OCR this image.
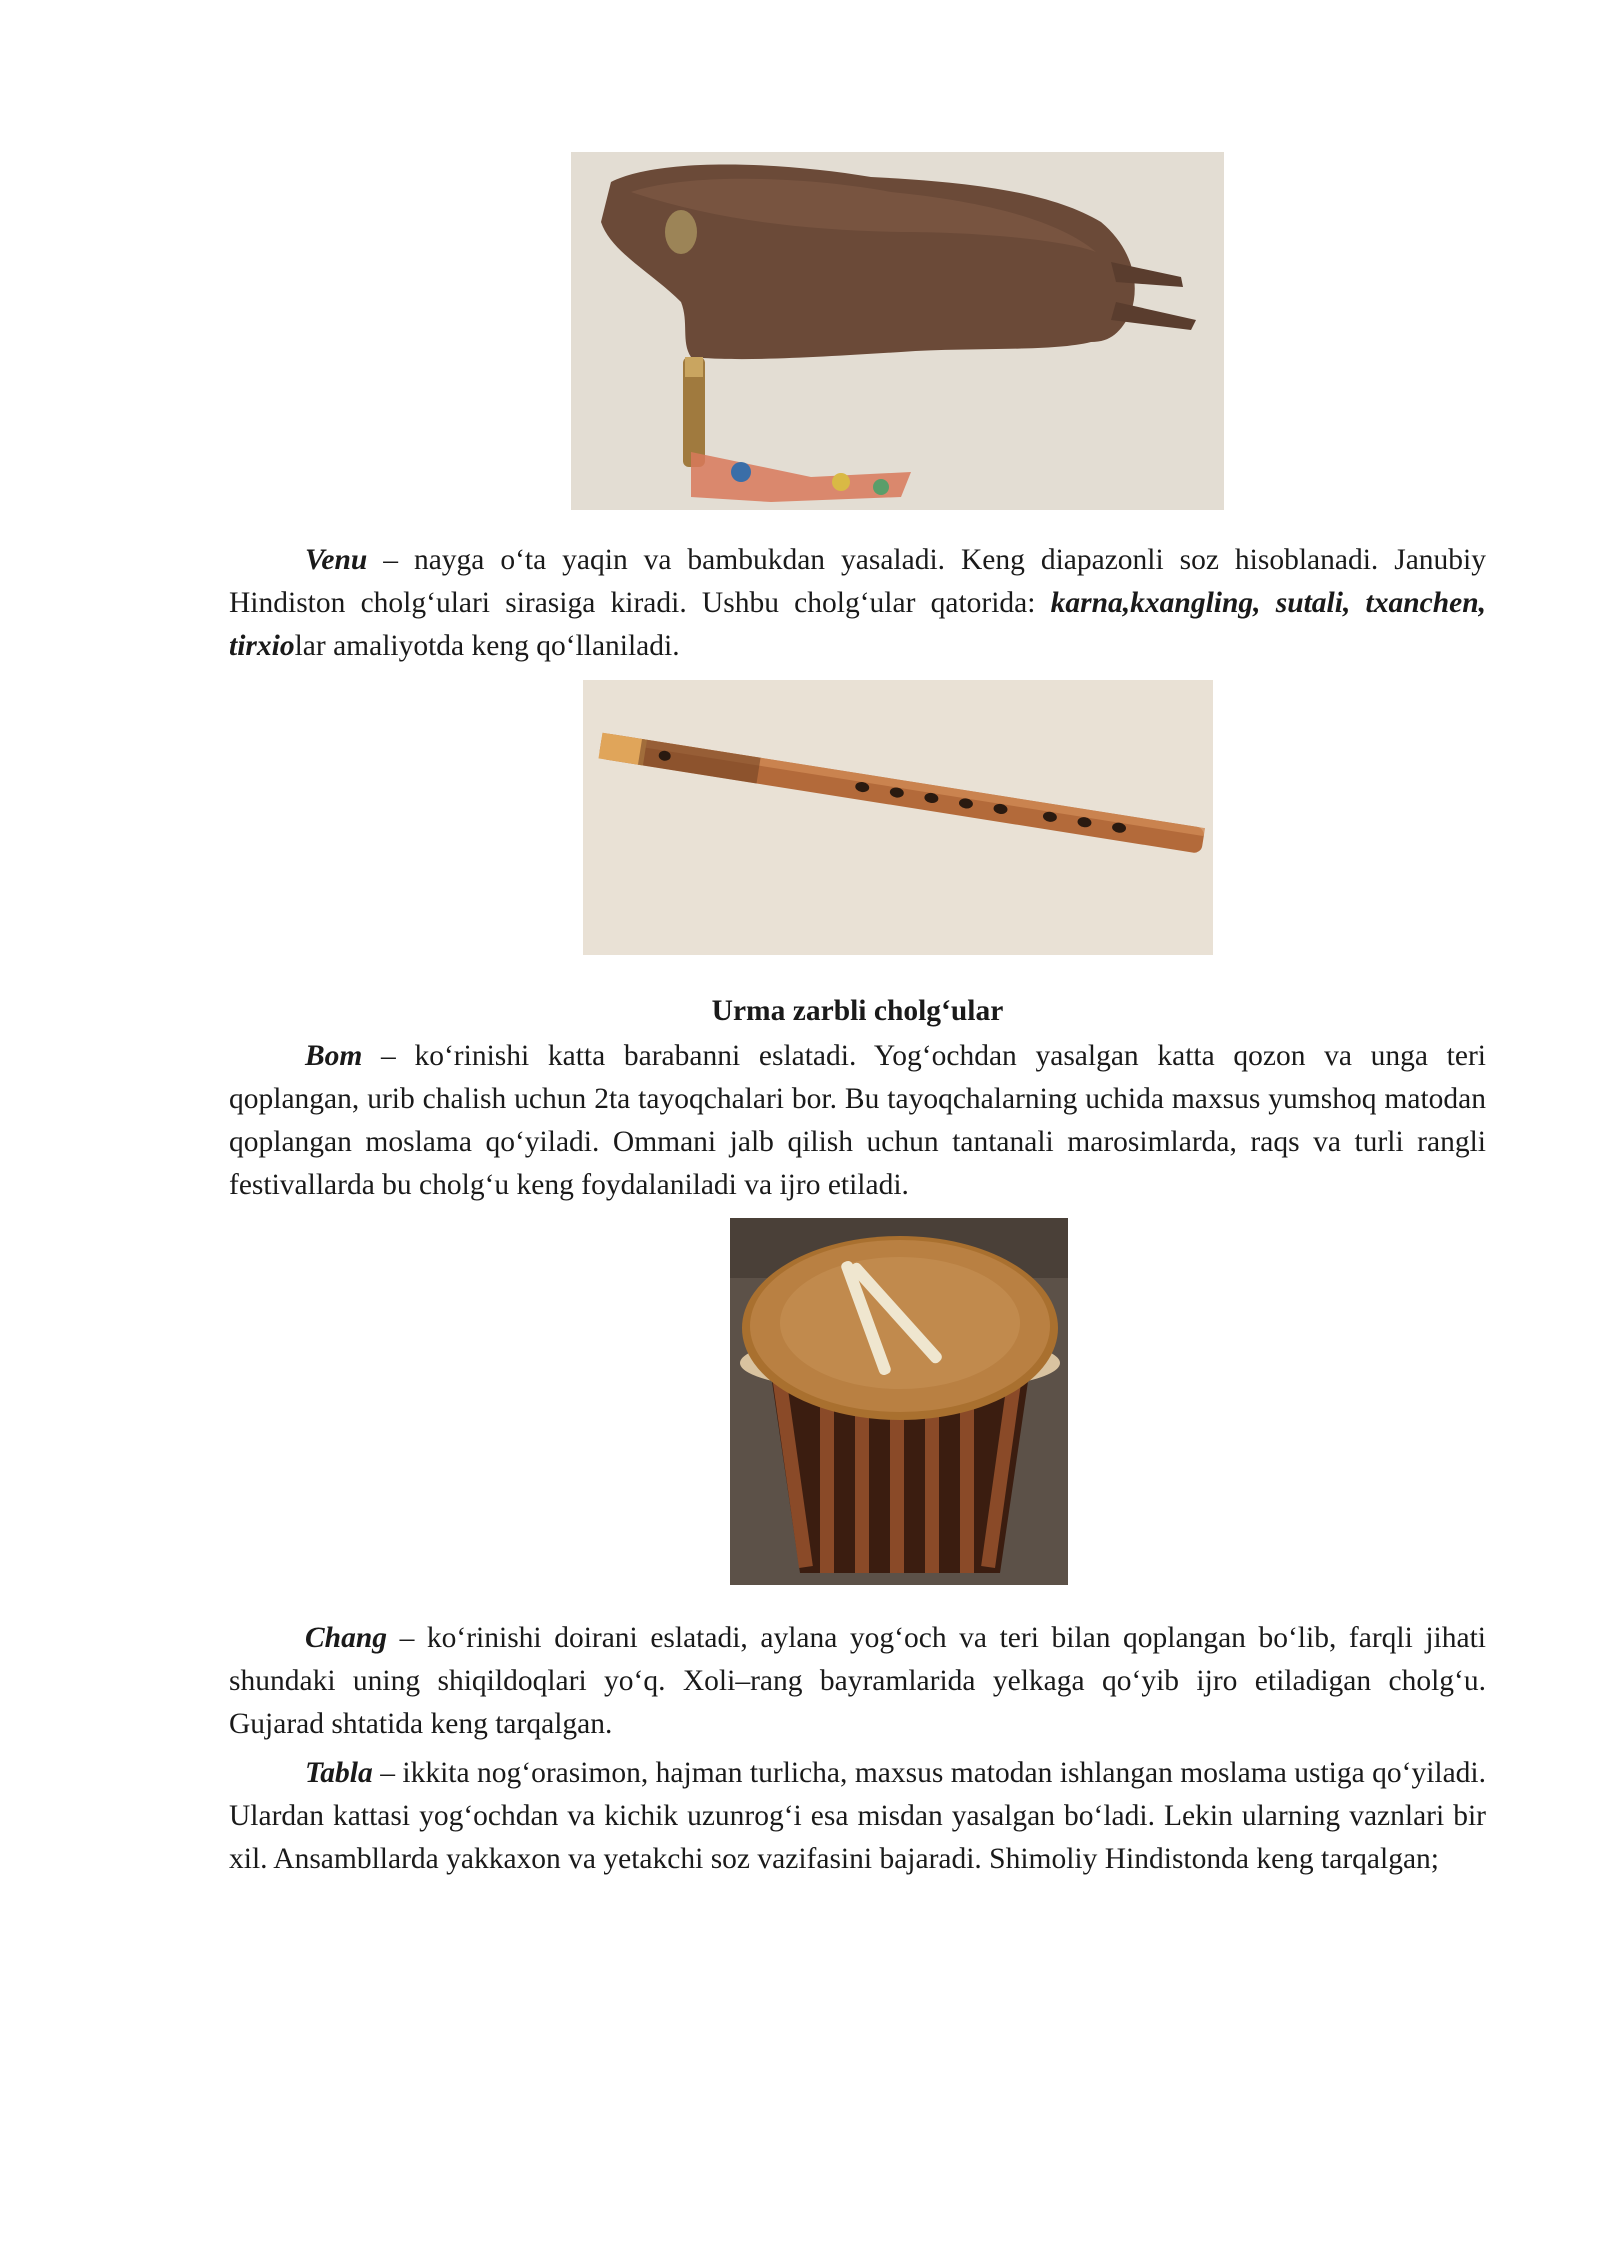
Venu – nayga o‘ta yaqin va bambukdan yasaladi. Keng diapazonli soz hisoblanadi. Janubiy Hindiston cholg‘ulari sirasiga kiradi. Ushbu cholg‘ular qatorida: karna,kxangling, sutali, txanchen, tirxiolar amaliyotda keng qo‘llaniladi.

Urma zarbli cholg‘ular

Bom – ko‘rinishi katta barabanni eslatadi. Yog‘ochdan yasalgan katta qozon va unga teri qoplangan, urib chalish uchun 2ta tayoqchalari bor. Bu tayoqchalarning uchida maxsus yumshoq matodan qoplangan moslama qo‘yiladi. Ommani jalb qilish uchun tantanali marosimlarda, raqs va turli rangli festivallarda bu cholg‘u keng foydalaniladi va ijro etiladi.

Chang – ko‘rinishi doirani eslatadi, aylana yog‘och va teri bilan qoplangan bo‘lib, farqli jihati shundaki uning shiqildoqlari yo‘q. Xoli–rang bayramlarida yelkaga qo‘yib ijro etiladigan cholg‘u. Gujarad shtatida keng tarqalgan.

Tabla – ikkita nog‘orasimon, hajman turlicha, maxsus matodan ishlangan moslama ustiga qo‘yiladi. Ulardan kattasi yog‘ochdan va kichik uzunrog‘i esa misdan yasalgan bo‘ladi. Lekin ularning vaznlari bir xil. Ansambllarda yakkaxon va yetakchi soz vazifasini bajaradi. Shimoliy Hindistonda keng tarqalgan;
